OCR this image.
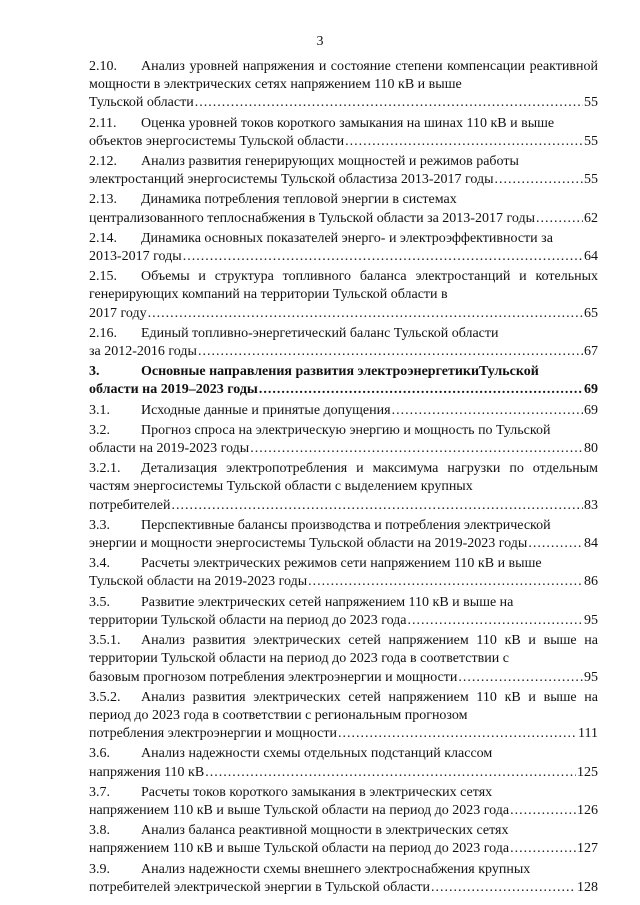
3
2.10. Анализ уровней напряжения и состояние степени компенсации реактивной мощности в электрических сетях напряжением 110 кВ и выше
Тульской области .....	55
2.11. Оценка уровней токов короткого замыкания на шинах 110 кВ и выше
объектов энергосистемы Тульской области .....	55
2.12. Анализ развития генерирующих мощностей и режимов работы
электростанций энергосистемы Тульской областиза 2013-2017 годы .....	55
2.13. Динамика потребления тепловой энергии в системах
централизованного теплоснабжения в Тульской области за 2013-2017 годы .....	62
2.14. Динамика основных показателей энерго- и электроэффективности за
2013-2017 годы .....	64
2.15. Объемы и структура топливного баланса электростанций и котельных генерирующих компаний на территории Тульской области в
2017 году .....	65
2.16. Единый топливно-энергетический баланс Тульской области
за 2012-2016 годы .....	67
3.	Основные направления развития электроэнергетикиТульской
области на 2019–2023 годы .....	69
3.1. Исходные данные и принятые допущения .....	69
3.2. Прогноз спроса на электрическую энергию и мощность по Тульской
области на 2019-2023 годы .....	80
3.2.1. Детализация электропотребления и максимума нагрузки по отдельным частям энергосистемы Тульской области с выделением крупных
потребителей .....	83
3.3. Перспективные балансы производства и потребления электрической
энергии и мощности энергосистемы Тульской области на 2019-2023 годы .....	84
3.4. Расчеты электрических режимов сети напряжением 110 кВ и выше
Тульской области на 2019-2023 годы .....	86
3.5. Развитие электрических сетей напряжением 110 кВ и выше на
территории Тульской области на период до 2023 года .....	95
3.5.1. Анализ развития электрических сетей напряжением 110 кВ и выше на территории Тульской области на период до 2023 года в соответствии с
базовым прогнозом потребления электроэнергии и мощности .....	95
3.5.2. Анализ развития электрических сетей напряжением 110 кВ и выше на период до 2023 года в соответствии с региональным прогнозом
потребления электроэнергии и мощности .....	111
3.6. Анализ надежности схемы отдельных подстанций классом
напряжения 110 кВ .....	125
3.7. Расчеты токов короткого замыкания в электрических сетях
напряжением 110 кВ и выше Тульской области на период до 2023 года .....	126
3.8. Анализ баланса реактивной мощности в электрических сетях
напряжением 110 кВ и выше Тульской области на период до 2023 года .....	127
3.9. Анализ надежности схемы внешнего электроснабжения крупных
потребителей электрической энергии в Тульской области .....	128
